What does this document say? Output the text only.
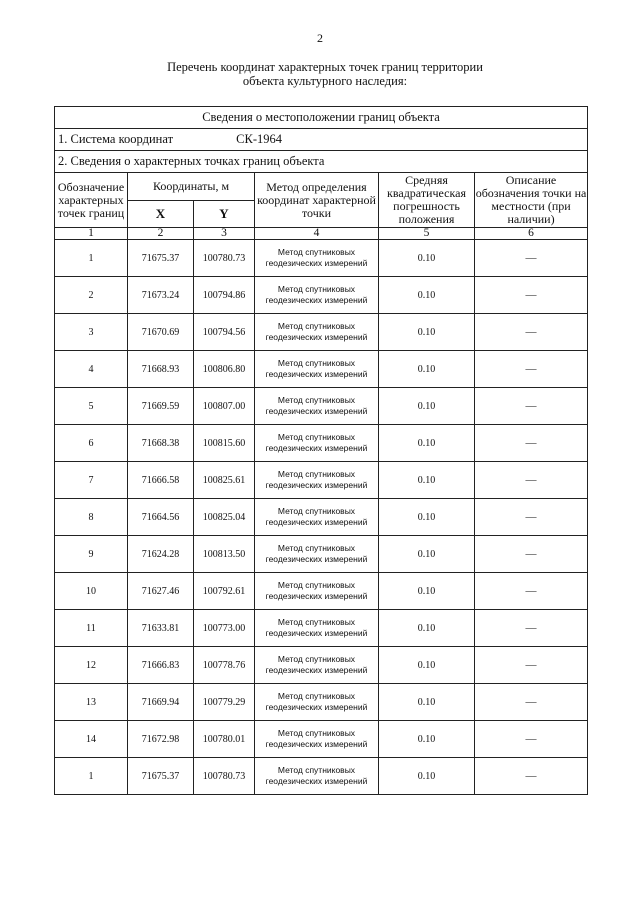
2
Перечень координат характерных точек границ территории
объекта культурного наследия:
Сведения о местоположении границ объекта					
1. Система координат СК-1964					
2. Сведения о характерных точках границ объекта					
Обозначение характерных точек границ	Координаты, м		Метод определения координат характерной точки	Средняя квадратическая погрешность положения	Описание обозначения точки на местности (при наличии)
	X	Y			
1	2	3	4	5	6
1	71675.37	100780.73	Метод спутниковых геодезических измерений	0.10	—
2	71673.24	100794.86	Метод спутниковых геодезических измерений	0.10	—
3	71670.69	100794.56	Метод спутниковых геодезических измерений	0.10	—
4	71668.93	100806.80	Метод спутниковых геодезических измерений	0.10	—
5	71669.59	100807.00	Метод спутниковых геодезических измерений	0.10	—
6	71668.38	100815.60	Метод спутниковых геодезических измерений	0.10	—
7	71666.58	100825.61	Метод спутниковых геодезических измерений	0.10	—
8	71664.56	100825.04	Метод спутниковых геодезических измерений	0.10	—
9	71624.28	100813.50	Метод спутниковых геодезических измерений	0.10	—
10	71627.46	100792.61	Метод спутниковых геодезических измерений	0.10	—
11	71633.81	100773.00	Метод спутниковых геодезических измерений	0.10	—
12	71666.83	100778.76	Метод спутниковых геодезических измерений	0.10	—
13	71669.94	100779.29	Метод спутниковых геодезических измерений	0.10	—
14	71672.98	100780.01	Метод спутниковых геодезических измерений	0.10	—
1	71675.37	100780.73	Метод спутниковых геодезических измерений	0.10	—
